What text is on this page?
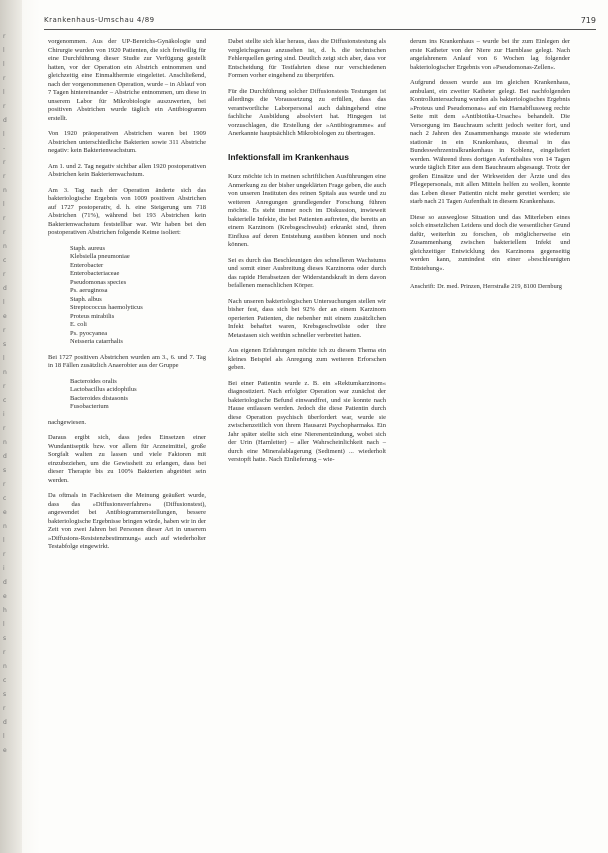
r
l
l
r
l
r
d
l
-
r
r
n
l
r
r
n
c
r
d
l
e
r
s
l
n
r
c
i
r
n
d
s
r
c
e
n
l
r
i
d
e
h
l
s
r
n
c
s
r
d
l
e
Krankenhaus-Umschau 4/89	719

vorgenommen. Aus der UP-Bereichs-Gynäkologie und Chirurgie wurden von 1920 Patienten, die sich freiwillig für eine Durchführung dieser Studie zur Verfügung gestellt hatten, vor der Operation ein Abstrich entnommen und gleichzeitig eine Einmalthermie eingeleitet. Anschließend, nach der vorgenommenen Operation, wurde – in Ablauf von 7 Tagen hintereinander – Abstriche entnommen, um diese in unserem Labor für Mikrobiologie auszuwerten, bei positiven Abstrichen wurde täglich ein Antibiogramm erstellt.

Von 1920 präoperativen Abstrichen waren bei 1909 Abstrichen unterschiedliche Bakterien sowie 311 Abstriche negativ: kein Bakterienwachstum.

Am 1. und 2. Tag negativ sichtbar allen 1920 postoperativen Abstrichen kein Bakterienwachstum.

Am 3. Tag nach der Operation änderte sich das bakteriologische Ergebnis von 1009 positiven Abstrichen auf 1727 postoperativ, d. h. eine Steigerung um 718 Abstrichen (71%), während bei 193 Abstrichen kein Bakterienwachstum feststellbar war. Wir haben bei den postoperativen Abstrichen folgende Keime isoliert:

Staph. aureus
Klebsiella pneumoniae
Enterobacter
Enterobacteriaceae
Pseudomonas species
Ps. aeruginosa
Staph. albus
Streptococcus haemolyticus
Proteus mirabilis
E. coli
Ps. pyocyanea
Neisseria catarrhalis

Bei 1727 positiven Abstrichen wurden am 3., 6. und 7. Tag in 18 Fällen zusätzlich Anaerobier aus der Gruppe

Bacteroides oralis
Lactobacillus acidophilus
Bacteroides distasonis
Fusobacterium

nachgewiesen.

Daraus ergibt sich, dass jedes Einsetzen einer Wundantiseptik bzw. vor allem für Arzneimittel, große Sorgfalt walten zu lassen und viele Faktoren mit einzubeziehen, um die Gewissheit zu erlangen, dass bei dieser Therapie bis zu 100% Bakterien abgetötet sein werden.

Da oftmals in Fachkreisen die Meinung geäußert wurde, dass das »Diffusionsverfahren« (Diffusionstest), angewendet bei Antibiogrammerstellungen, bessere bakteriologische Ergebnisse bringen würde, haben wir in der Zeit von zwei Jahren bei Personen dieser Art in unserem »Diffusions-Resistenzbestimmung« auch auf wiederholter Testabfolge eingewirkt.

Dabei stellte sich klar heraus, dass die Diffusionstestung als vergleichsgenau anzusehen ist, d. h. die technischen Fehlerquellen gering sind. Deutlich zeigt sich aber, dass vor Entscheidung für Testfahrten diese nur verschiedenen Formen vorher eingehend zu überprüfen.

Für die Durchführung solcher Diffusionstests Testungen ist allerdings die Voraussetzung zu erfüllen, dass das verantwortliche Laborpersonal auch dahingehend eine fachliche Ausbildung absolviert hat. Hingegen ist vorzuschlagen, die Erstellung der »Antibiogramme« auf Anerkannte hauptsächlich Mikrobiologen zu übertragen.

Infektionsfall im Krankenhaus

Kurz möchte ich in meinen schriftlichen Ausführungen eine Anmerkung zu der bisher ungeklärten Frage geben, die auch von unseren Instituten des reinen Spitals aus wurde und zu weiteren Anregungen grundlegender Forschung führen möchte. Es steht immer noch im Diskussion, inwieweit bakterielle Infekte, die bei Patienten auftreten, die bereits an einem Karzinom (Krebsgeschwulst) erkrankt sind, ihren Einfluss auf deren Entstehung ausüben können und noch können.

Sei es durch das Beschleunigen des schnelleren Wachstums und somit einer Ausbreitung dieses Karzinoms oder durch das rapide Herabsetzen der Widerstandskraft in dem davon befallenen menschlichen Körper.

Nach unseren bakteriologischen Untersuchungen stellen wir bisher fest, dass sich bei 92% der an einem Karzinom operierten Patienten, die nebenher mit einem zusätzlichen Infekt behaftet waren, Krebsgeschwülste oder ihre Metastasen sich weithin schneller verbreitet hatten.

Aus eigenen Erfahrungen möchte ich zu diesem Thema ein kleines Beispiel als Anregung zum weiteren Erforschen geben.

Bei einer Patientin wurde z. B. ein »Rektumkarzinom« diagnostiziert. Nach erfolgter Operation war zunächst der bakteriologische Befund einwandfrei, und sie konnte nach Hause entlassen werden. Jedoch die diese Patientin durch diese Operation psychisch überfordert war, wurde sie zwischenzeitlich von ihrem Hausarzt Psychopharmaka. Ein Jahr später stellte sich eine Nierenentzündung, wobei sich der Urin (Harnleiter) – aller Wahrscheinlichkeit nach – durch eine Mineralablagerung (Sediment) ... wiederholt verstopft hatte. Nach Einlieferung – wie-

derum ins Krankenhaus – wurde bei ihr zum Einlegen der erste Katheter von der Niere zur Harnblase gelegt. Nach angefahrenem Anlauf von 6 Wochen lag folgender bakteriologischer Ergebnis von »Pseudomonas-Zellen«.

Aufgrund dessen wurde aus im gleichen Krankenhaus, ambulant, ein zweiter Katheter gelegt. Bei nachfolgenden Kontrolluntersuchung wurden als bakteriologisches Ergebnis »Proteus und Pseudomonas« auf ein Harnabflussweg rechte Seite mit dem »Antibiotika-Ursache« behandelt. Die Versorgung im Bauchraum schritt jedoch weiter fort, und nach 2 Jahren des Zusammenhangs musste sie wiederum stationär in ein Krankenhaus, diesmal in das Bundeswehrzentralkrankenhaus in Koblenz, eingeliefert werden. Während ihres dortigen Aufenthaltes von 14 Tagen wurde täglich Eiter aus dem Bauchraum abgesaugt. Trotz der großen Einsätze und der Wirkweiden der Ärzte und des Pflegepersonals, mit allen Mitteln helfen zu wollen, konnte das Leben dieser Patientin nicht mehr gerettet werden; sie starb nach 21 Tagen Aufenthalt in diesem Krankenhaus.

Diese so ausweglose Situation und das Miterleben eines solch einsetzlichen Leidens und doch die wesentlicher Grund dafür, weiterhin zu forschen, ob möglicherweise ein Zusammenhang zwischen bakteriellem Infekt und gleichzeitiger Entwicklung des Karzinoms gegenseitig werden kann, zumindest ein einer »beschleunigten Entstehung«.

Anschrift: Dr. med. Prinzen, Herrstraße 219, 8100 Dernburg
